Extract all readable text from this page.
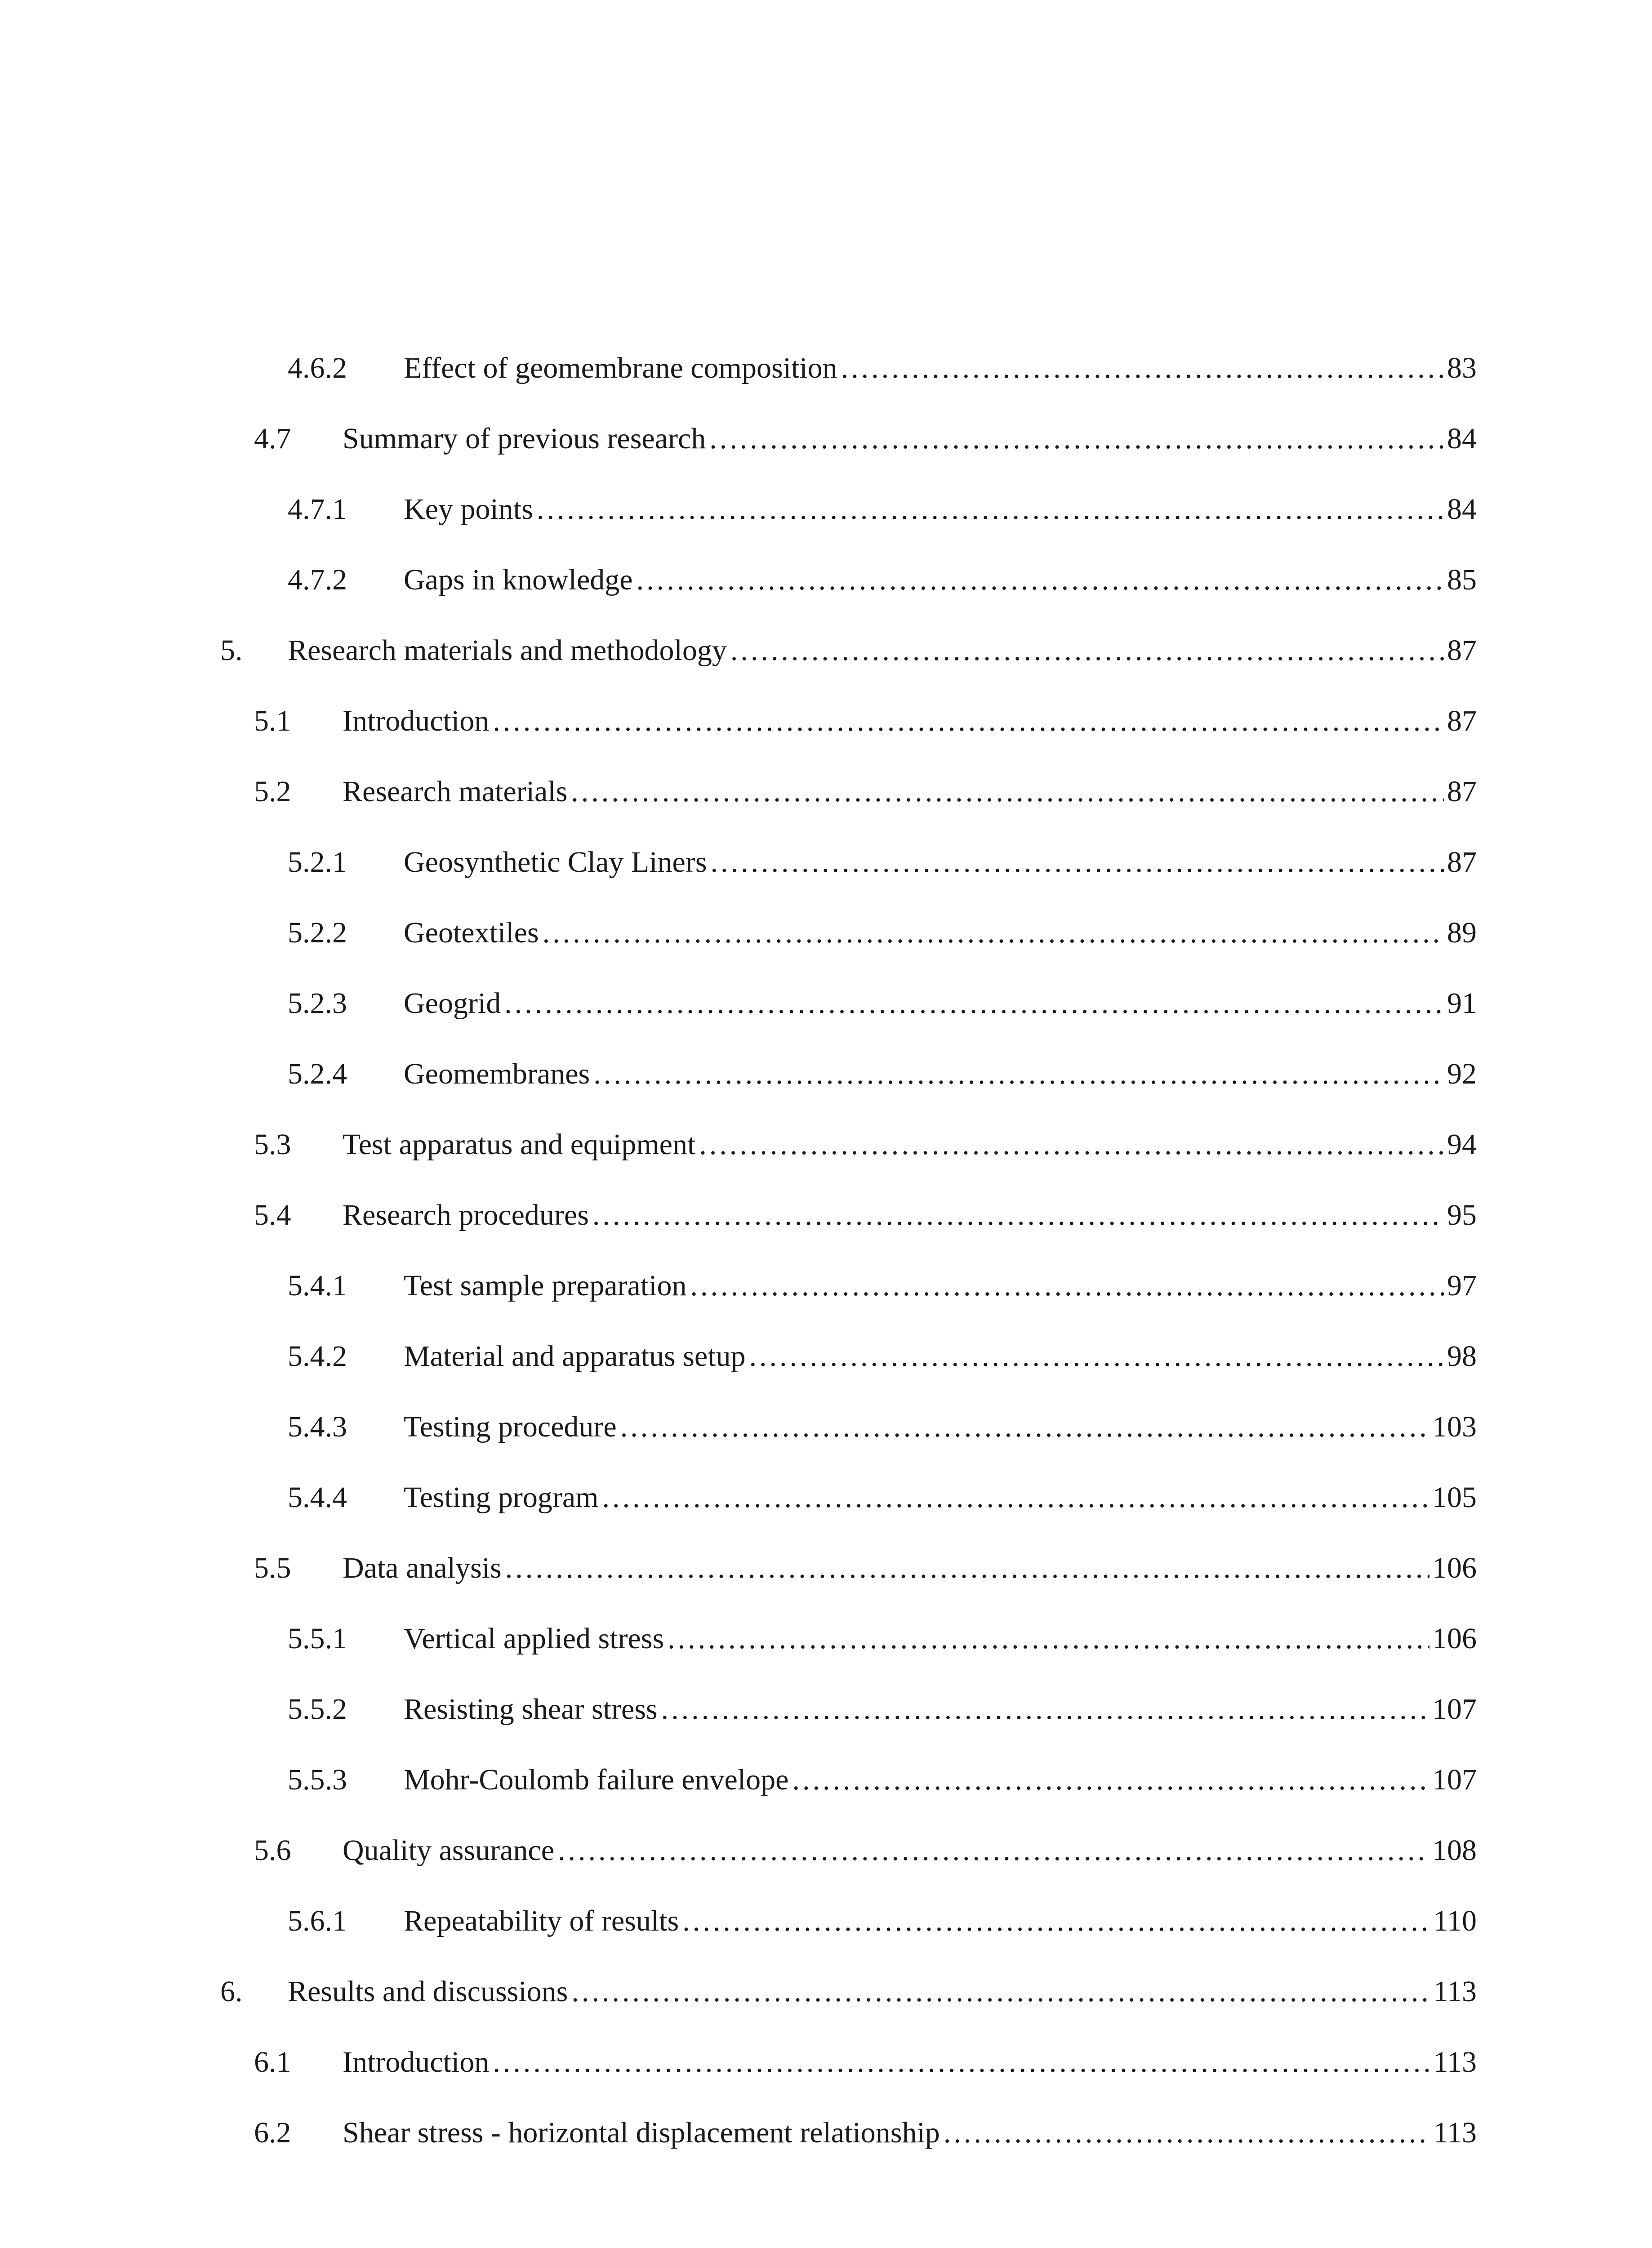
4.6.2 Effect of geomembrane composition .....	83
4.7 Summary of previous research .....	84
4.7.1 Key points .....	84
4.7.2 Gaps in knowledge .....	85
5. Research materials and methodology .....	87
5.1 Introduction .....	87
5.2 Research materials .....	87
5.2.1 Geosynthetic Clay Liners .....	87
5.2.2 Geotextiles .....	89
5.2.3 Geogrid .....	91
5.2.4 Geomembranes .....	92
5.3 Test apparatus and equipment .....	94
5.4 Research procedures .....	95
5.4.1 Test sample preparation .....	97
5.4.2 Material and apparatus setup .....	98
5.4.3 Testing procedure .....	103
5.4.4 Testing program .....	105
5.5 Data analysis .....	106
5.5.1 Vertical applied stress .....	106
5.5.2 Resisting shear stress .....	107
5.5.3 Mohr-Coulomb failure envelope .....	107
5.6 Quality assurance .....	108
5.6.1 Repeatability of results .....	110
6. Results and discussions .....	113
6.1 Introduction .....	113
6.2 Shear stress - horizontal displacement relationship .....	113
